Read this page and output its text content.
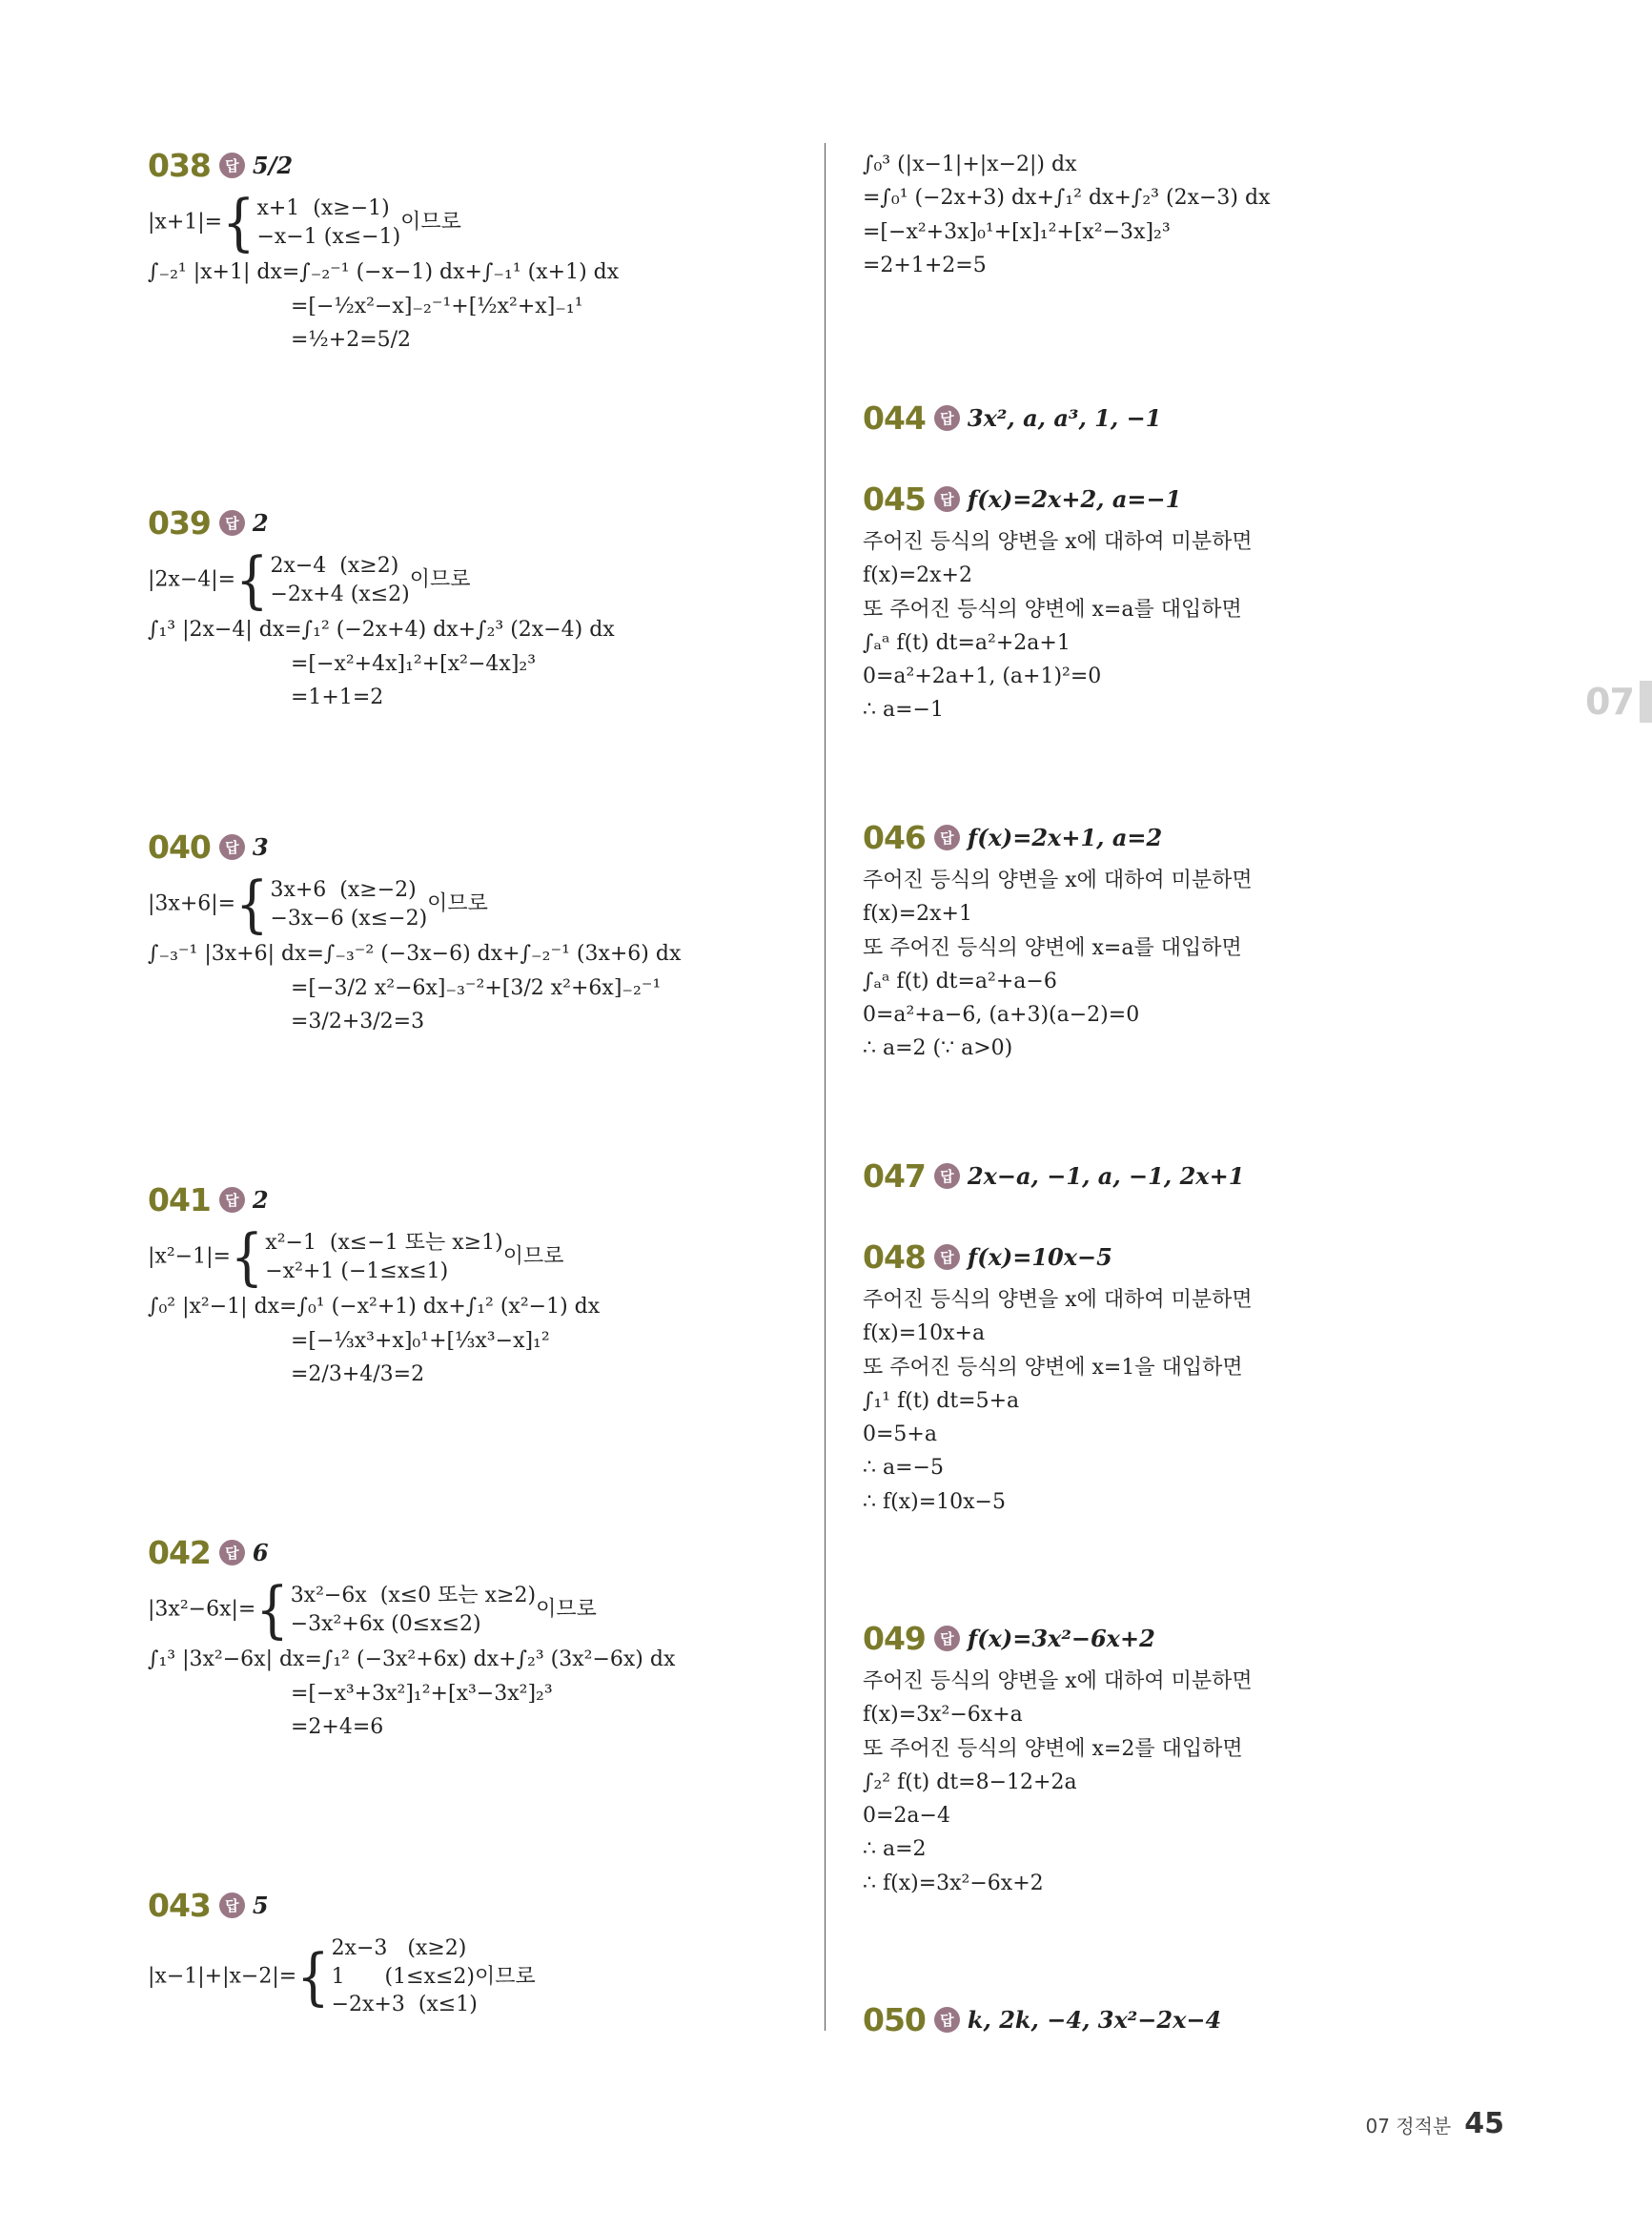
038	답 5/2
|x+1|= { x+1  (x≥−1)
−x−1 (x≤−1)
이므로
∫₋₂¹ |x+1| dx=∫₋₂⁻¹ (−x−1) dx+∫₋₁¹ (x+1) dx
=[−½x²−x]₋₂⁻¹+[½x²+x]₋₁¹
=½+2=5/2
039	답 2
|2x−4|= { 2x−4  (x≥2)
−2x+4 (x≤2)
이므로
∫₁³ |2x−4| dx=∫₁² (−2x+4) dx+∫₂³ (2x−4) dx
=[−x²+4x]₁²+[x²−4x]₂³
=1+1=2
040	답 3
|3x+6|= { 3x+6  (x≥−2)
−3x−6 (x≤−2)
이므로
∫₋₃⁻¹ |3x+6| dx=∫₋₃⁻² (−3x−6) dx+∫₋₂⁻¹ (3x+6) dx
=[−3/2 x²−6x]₋₃⁻²+[3/2 x²+6x]₋₂⁻¹
=3/2+3/2=3
041	답 2
|x²−1|= { x²−1  (x≤−1 또는 x≥1)
−x²+1 (−1≤x≤1)
이므로
∫₀² |x²−1| dx=∫₀¹ (−x²+1) dx+∫₁² (x²−1) dx
=[−⅓x³+x]₀¹+[⅓x³−x]₁²
=2/3+4/3=2
042	답 6
|3x²−6x|= { 3x²−6x  (x≤0 또는 x≥2)
−3x²+6x (0≤x≤2)
이므로
∫₁³ |3x²−6x| dx=∫₁² (−3x²+6x) dx+∫₂³ (3x²−6x) dx
=[−x³+3x²]₁²+[x³−3x²]₂³
=2+4=6
043	답 5
|x−1|+|x−2|= { 2x−3   (x≥2)
1      (1≤x≤2)이므로
−2x+3  (x≤1)
∫₀³ (|x−1|+|x−2|) dx
=∫₀¹ (−2x+3) dx+∫₁² dx+∫₂³ (2x−3) dx
=[−x²+3x]₀¹+[x]₁²+[x²−3x]₂³
=2+1+2=5
044	답 3x², a, a³, 1, −1
045	답 f(x)=2x+2, a=−1
주어진 등식의 양변을 x에 대하여 미분하면
f(x)=2x+2
또 주어진 등식의 양변에 x=a를 대입하면
∫ₐᵃ f(t) dt=a²+2a+1
0=a²+2a+1, (a+1)²=0
∴ a=−1
046	답 f(x)=2x+1, a=2
주어진 등식의 양변을 x에 대하여 미분하면
f(x)=2x+1
또 주어진 등식의 양변에 x=a를 대입하면
∫ₐᵃ f(t) dt=a²+a−6
0=a²+a−6, (a+3)(a−2)=0
∴ a=2 (∵ a>0)
047	답 2x−a, −1, a, −1, 2x+1
048	답 f(x)=10x−5
주어진 등식의 양변을 x에 대하여 미분하면
f(x)=10x+a
또 주어진 등식의 양변에 x=1을 대입하면
∫₁¹ f(t) dt=5+a
0=5+a
∴ a=−5
∴ f(x)=10x−5
049	답 f(x)=3x²−6x+2
주어진 등식의 양변을 x에 대하여 미분하면
f(x)=3x²−6x+a
또 주어진 등식의 양변에 x=2를 대입하면
∫₂² f(t) dt=8−12+2a
0=2a−4
∴ a=2
∴ f(x)=3x²−6x+2
050	답 k, 2k, −4, 3x²−2x−4
07
07 정적분 45
